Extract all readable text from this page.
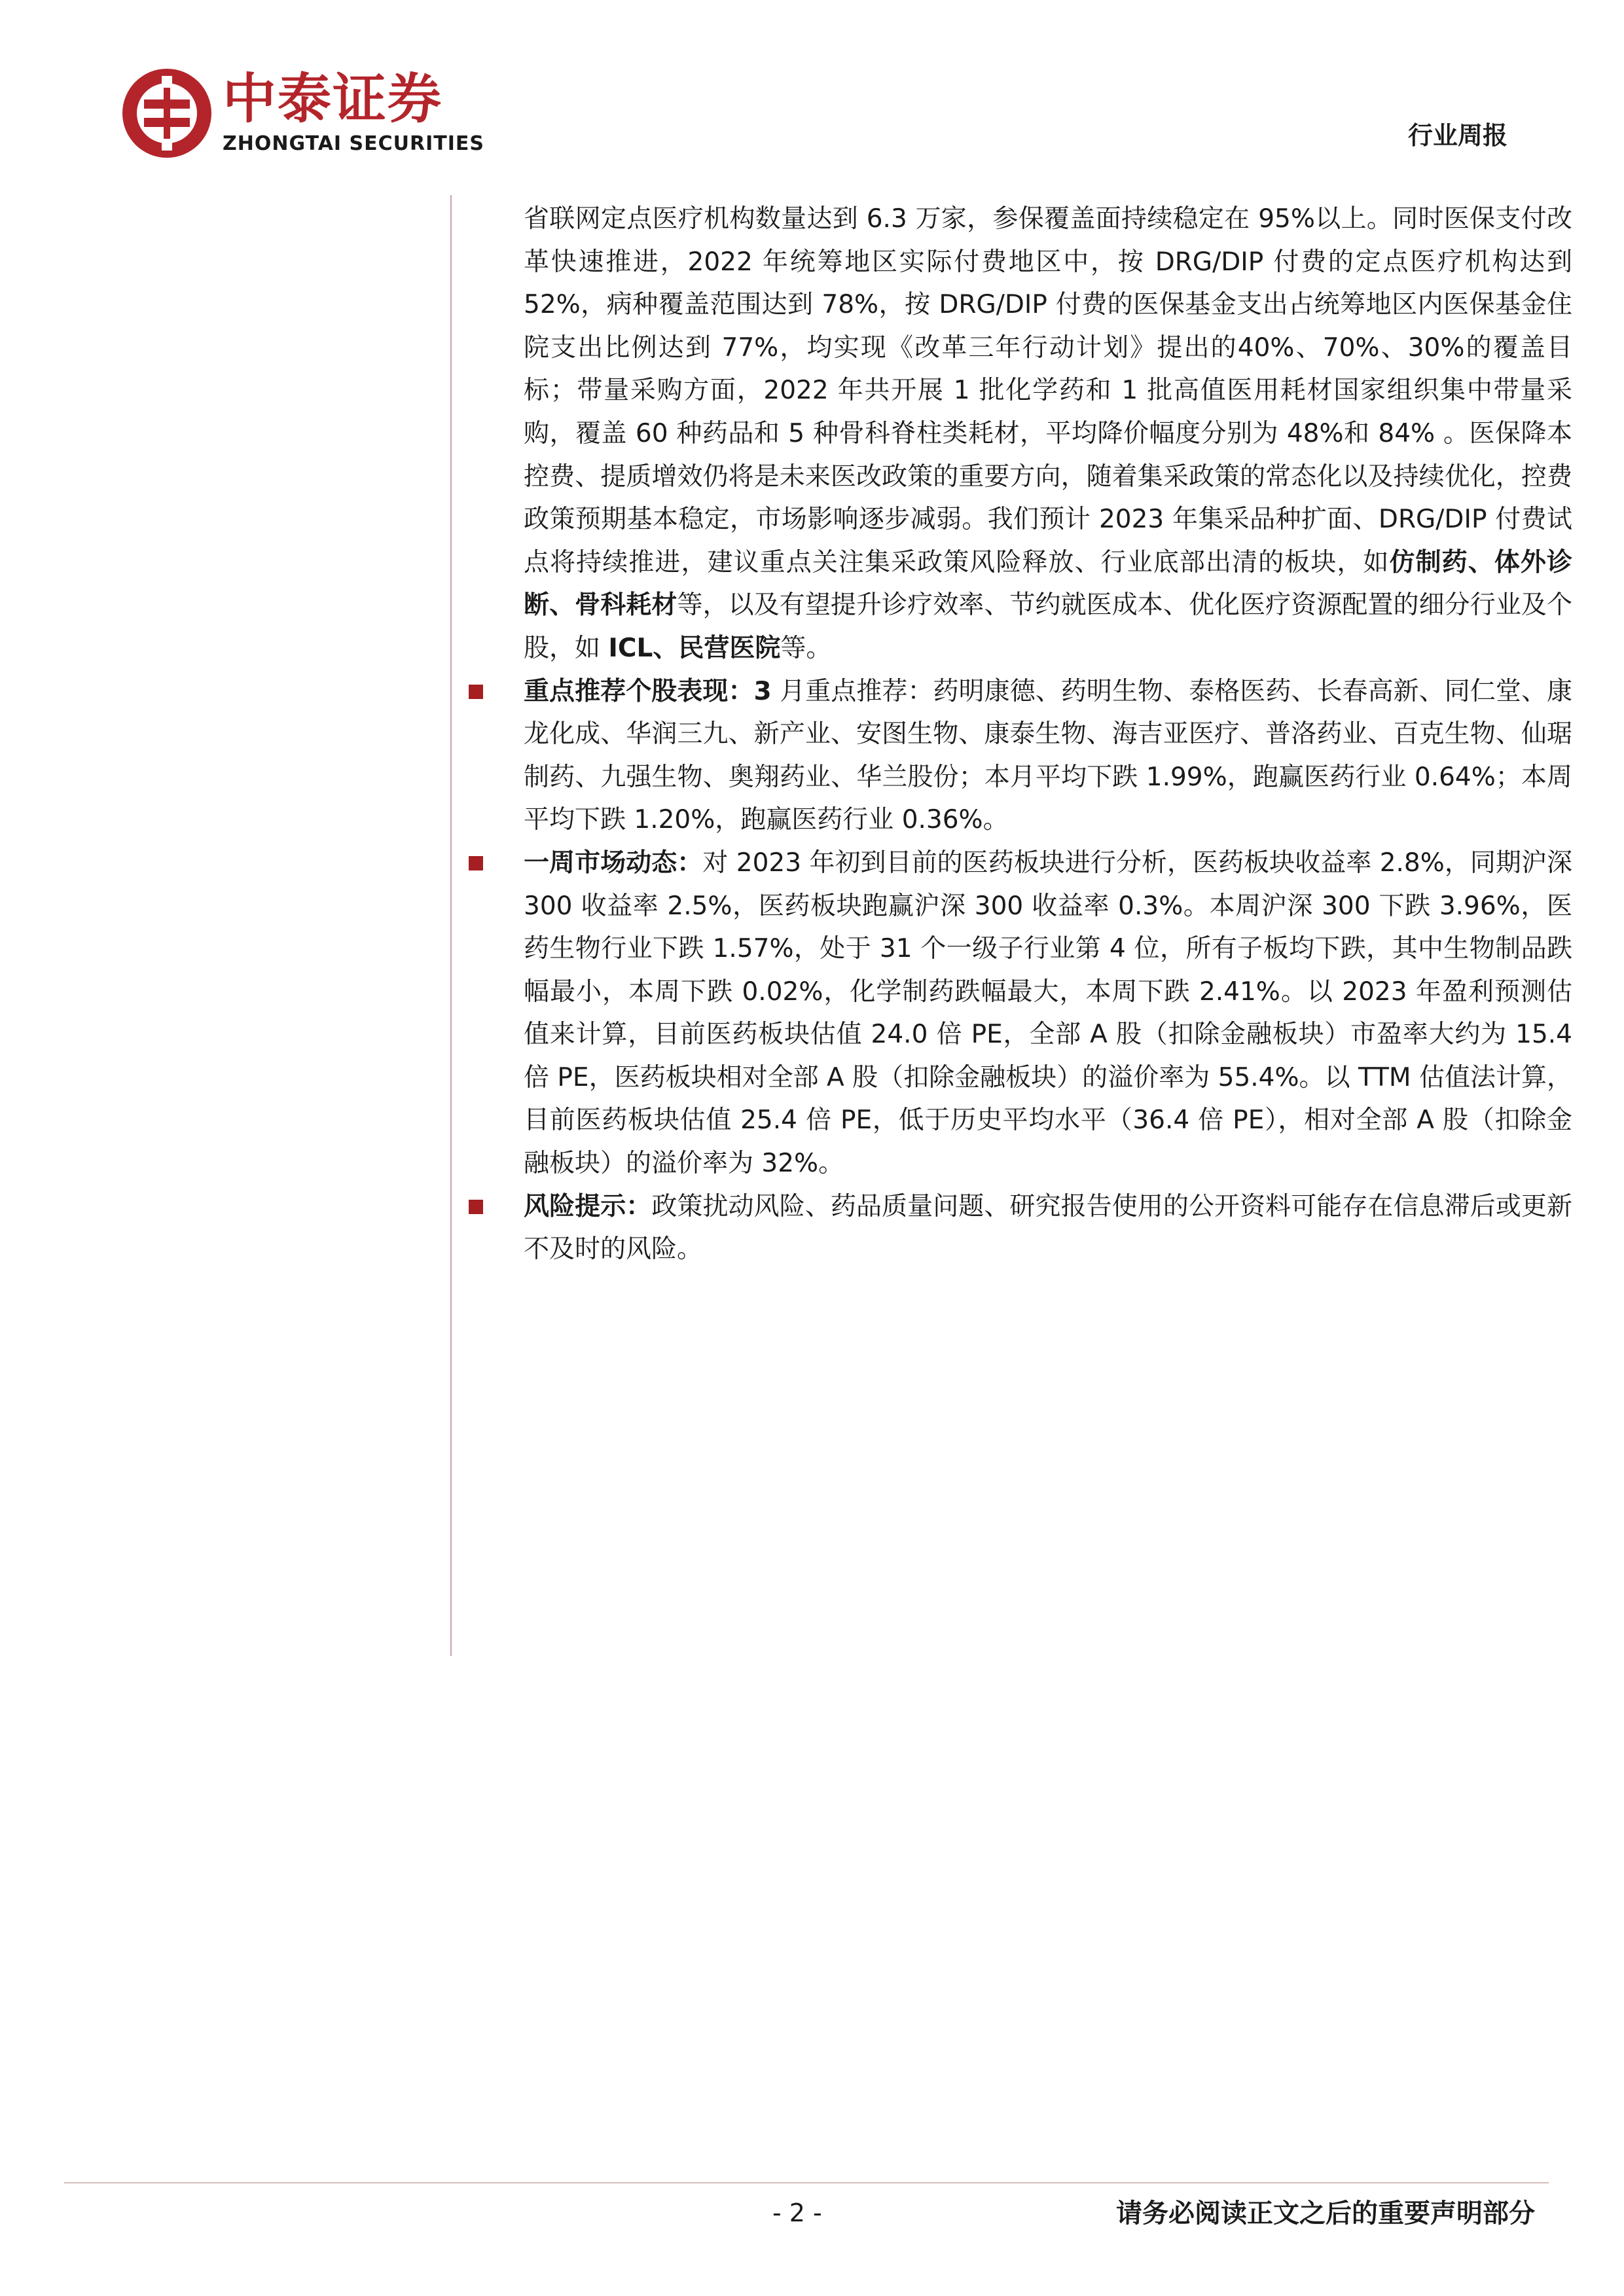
中泰证券
ZHONGTAI SECURITIES	行业周报
省联网定点医疗机构数量达到 6.3 万家，参保覆盖面持续稳定在 95%以上。同时医保支付改革快速推进，2022 年统筹地区实际付费地区中，按 DRG/DIP 付费的定点医疗机构达到 52%，病种覆盖范围达到 78%，按 DRG/DIP 付费的医保基金支出占统筹地区内医保基金住院支出比例达到 77%，均实现《改革三年行动计划》提出的40%、70%、30%的覆盖目标；带量采购方面，2022 年共开展 1 批化学药和 1 批高值医用耗材国家组织集中带量采购，覆盖 60 种药品和 5 种骨科脊柱类耗材，平均降价幅度分别为 48%和 84% 。医保降本控费、提质增效仍将是未来医改政策的重要方向，随着集采政策的常态化以及持续优化，控费政策预期基本稳定，市场影响逐步减弱。我们预计 2023 年集采品种扩面、DRG/DIP 付费试点将持续推进，建议重点关注集采政策风险释放、行业底部出清的板块，如仿制药、体外诊断、骨科耗材等，以及有望提升诊疗效率、节约就医成本、优化医疗资源配置的细分行业及个股，如 ICL、民营医院等。
重点推荐个股表现：3 月重点推荐：药明康德、药明生物、泰格医药、长春高新、同仁堂、康龙化成、华润三九、新产业、安图生物、康泰生物、海吉亚医疗、普洛药业、百克生物、仙琚制药、九强生物、奥翔药业、华兰股份；本月平均下跌 1.99%，跑赢医药行业 0.64%；本周平均下跌 1.20%，跑赢医药行业 0.36%。
一周市场动态：对 2023 年初到目前的医药板块进行分析，医药板块收益率 2.8%，同期沪深 300 收益率 2.5%，医药板块跑赢沪深 300 收益率 0.3%。本周沪深 300 下跌 3.96%，医药生物行业下跌 1.57%，处于 31 个一级子行业第 4 位，所有子板均下跌，其中生物制品跌幅最小，本周下跌 0.02%，化学制药跌幅最大，本周下跌 2.41%。以 2023 年盈利预测估值来计算，目前医药板块估值 24.0 倍 PE，全部 A 股（扣除金融板块）市盈率大约为 15.4 倍 PE，医药板块相对全部 A 股（扣除金融板块）的溢价率为 55.4%。以 TTM 估值法计算，目前医药板块估值 25.4 倍 PE，低于历史平均水平（36.4 倍 PE），相对全部 A 股（扣除金融板块）的溢价率为 32%。
风险提示：政策扰动风险、药品质量问题、研究报告使用的公开资料可能存在信息滞后或更新不及时的风险。
- 2 -	请务必阅读正文之后的重要声明部分
